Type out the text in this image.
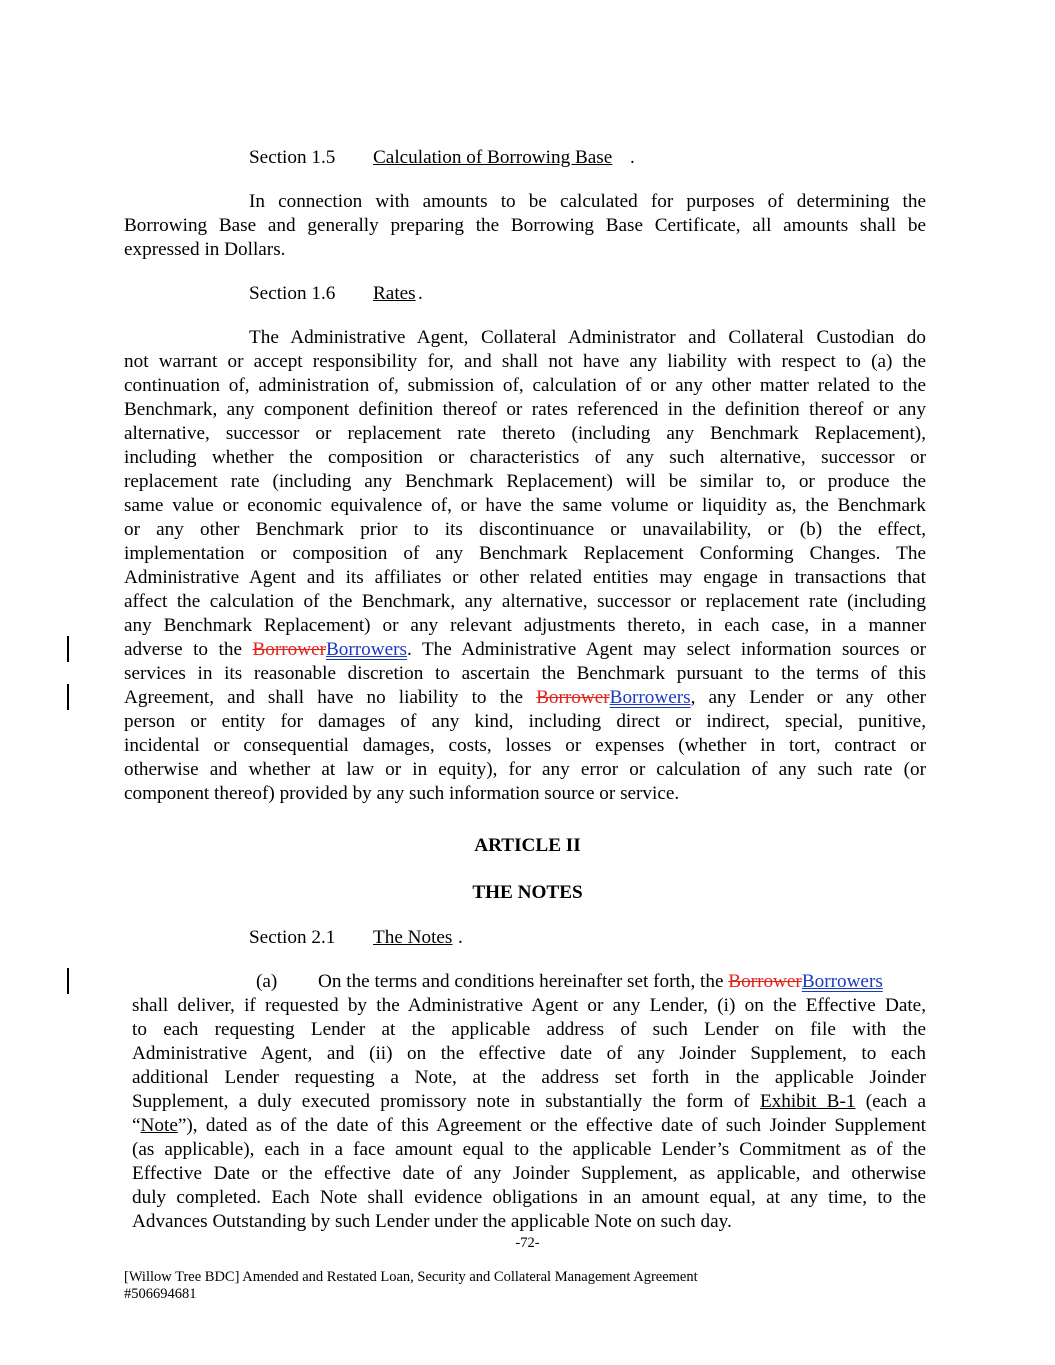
Section 1.5 Calculation of Borrowing Base .
In connection with amounts to be calculated for purposes of determining the
Borrowing Base and generally preparing the Borrowing Base Certificate, all amounts shall be
expressed in Dollars.
Section 1.6 Rates .
The Administrative Agent, Collateral Administrator and Collateral Custodian do
not warrant or accept responsibility for, and shall not have any liability with respect to (a) the
continuation of, administration of, submission of, calculation of or any other matter related to the
Benchmark, any component definition thereof or rates referenced in the definition thereof or any
alternative, successor or replacement rate thereto (including any Benchmark Replacement),
including whether the composition or characteristics of any such alternative, successor or
replacement rate (including any Benchmark Replacement) will be similar to, or produce the
same value or economic equivalence of, or have the same volume or liquidity as, the Benchmark
or any other Benchmark prior to its discontinuance or unavailability, or (b) the effect,
implementation or composition of any Benchmark Replacement Conforming Changes. The
Administrative Agent and its affiliates or other related entities may engage in transactions that
affect the calculation of the Benchmark, any alternative, successor or replacement rate (including
any Benchmark Replacement) or any relevant adjustments thereto, in each case, in a manner
adverse to the BorrowerBorrowers. The Administrative Agent may select information sources or
services in its reasonable discretion to ascertain the Benchmark pursuant to the terms of this
Agreement, and shall have no liability to the BorrowerBorrowers, any Lender or any other
person or entity for damages of any kind, including direct or indirect, special, punitive,
incidental or consequential damages, costs, losses or expenses (whether in tort, contract or
otherwise and whether at law or in equity), for any error or calculation of any such rate (or
component thereof) provided by any such information source or service.
ARTICLE II
THE NOTES
Section 2.1 The Notes .
(a) On the terms and conditions hereinafter set forth, the BorrowerBorrowers
shall deliver, if requested by the Administrative Agent or any Lender, (i) on the Effective Date,
to each requesting Lender at the applicable address of such Lender on file with the
Administrative Agent, and (ii) on the effective date of any Joinder Supplement, to each
additional Lender requesting a Note, at the address set forth in the applicable Joinder
Supplement, a duly executed promissory note in substantially the form of Exhibit B-1 (each a
“Note”), dated as of the date of this Agreement or the effective date of such Joinder Supplement
(as applicable), each in a face amount equal to the applicable Lender’s Commitment as of the
Effective Date or the effective date of any Joinder Supplement, as applicable, and otherwise
duly completed. Each Note shall evidence obligations in an amount equal, at any time, to the
Advances Outstanding by such Lender under the applicable Note on such day.
-72-
[Willow Tree BDC] Amended and Restated Loan, Security and Collateral Management Agreement
#506694681
